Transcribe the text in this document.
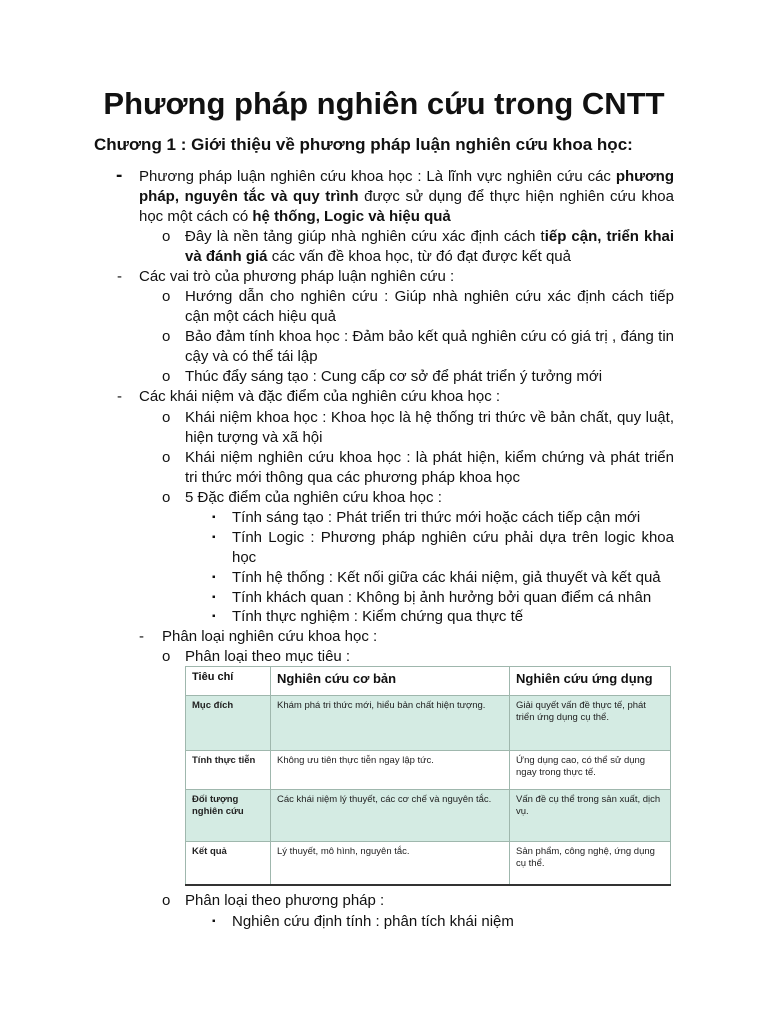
Phương pháp nghiên cứu trong CNTT
Chương 1 : Giới thiệu về phương pháp luận nghiên cứu khoa học:
- Phương pháp luận nghiên cứu khoa học : Là lĩnh vực nghiên cứu các phương pháp, nguyên tắc và quy trình được sử dụng để thực hiện nghiên cứu khoa học một cách có hệ thống, Logic và hiệu quả
o Đây là nền tảng giúp nhà nghiên cứu xác định cách tiếp cận, triển khai và đánh giá các vấn đề khoa học, từ đó đạt được kết quả
- Các vai trò của phương pháp luận nghiên cứu :
o Hướng dẫn cho nghiên cứu : Giúp nhà nghiên cứu xác định cách tiếp cận một cách hiệu quả
o Bảo đảm tính khoa học : Đảm bảo kết quả nghiên cứu có giá trị , đáng tin cậy và có thể tái lập
o Thúc đẩy sáng tạo : Cung cấp cơ sở để phát triển ý tưởng mới
- Các khái niệm và đặc điểm của nghiên cứu khoa học :
o Khái niệm khoa học : Khoa học là hệ thống tri thức về bản chất, quy luật, hiện tượng và xã hội
o Khái niệm nghiên cứu khoa học : là phát hiện, kiểm chứng và phát triển tri thức mới thông qua các phương pháp khoa học
o 5 Đặc điểm của nghiên cứu khoa học :
▪ Tính sáng tạo : Phát triển tri thức mới hoặc cách tiếp cận mới
▪ Tính Logic : Phương pháp nghiên cứu phải dựa trên logic khoa học
▪ Tính hệ thống : Kết nối giữa các khái niệm, giả thuyết và kết quả
▪ Tính khách quan : Không bị ảnh hưởng bởi quan điểm cá nhân
▪ Tính thực nghiệm : Kiểm chứng qua thực tế
- Phân loại nghiên cứu khoa học :
o Phân loại theo mục tiêu :
Tiêu chí	Nghiên cứu cơ bản	Nghiên cứu ứng dụng
Mục đích	Khám phá tri thức mới, hiểu bản chất hiện tượng.	Giải quyết vấn đề thực tế, phát triển ứng dụng cụ thể.
Tính thực tiễn	Không ưu tiên thực tiễn ngay lập tức.	Ứng dụng cao, có thể sử dụng ngay trong thực tế.
Đối tượng nghiên cứu	Các khái niệm lý thuyết, các cơ chế và nguyên tắc.	Vấn đề cụ thể trong sản xuất, dịch vụ.
Kết quả	Lý thuyết, mô hình, nguyên tắc.	Sản phẩm, công nghệ, ứng dụng cụ thể.
o Phân loại theo phương pháp :
▪ Nghiên cứu định tính : phân tích khái niệm
